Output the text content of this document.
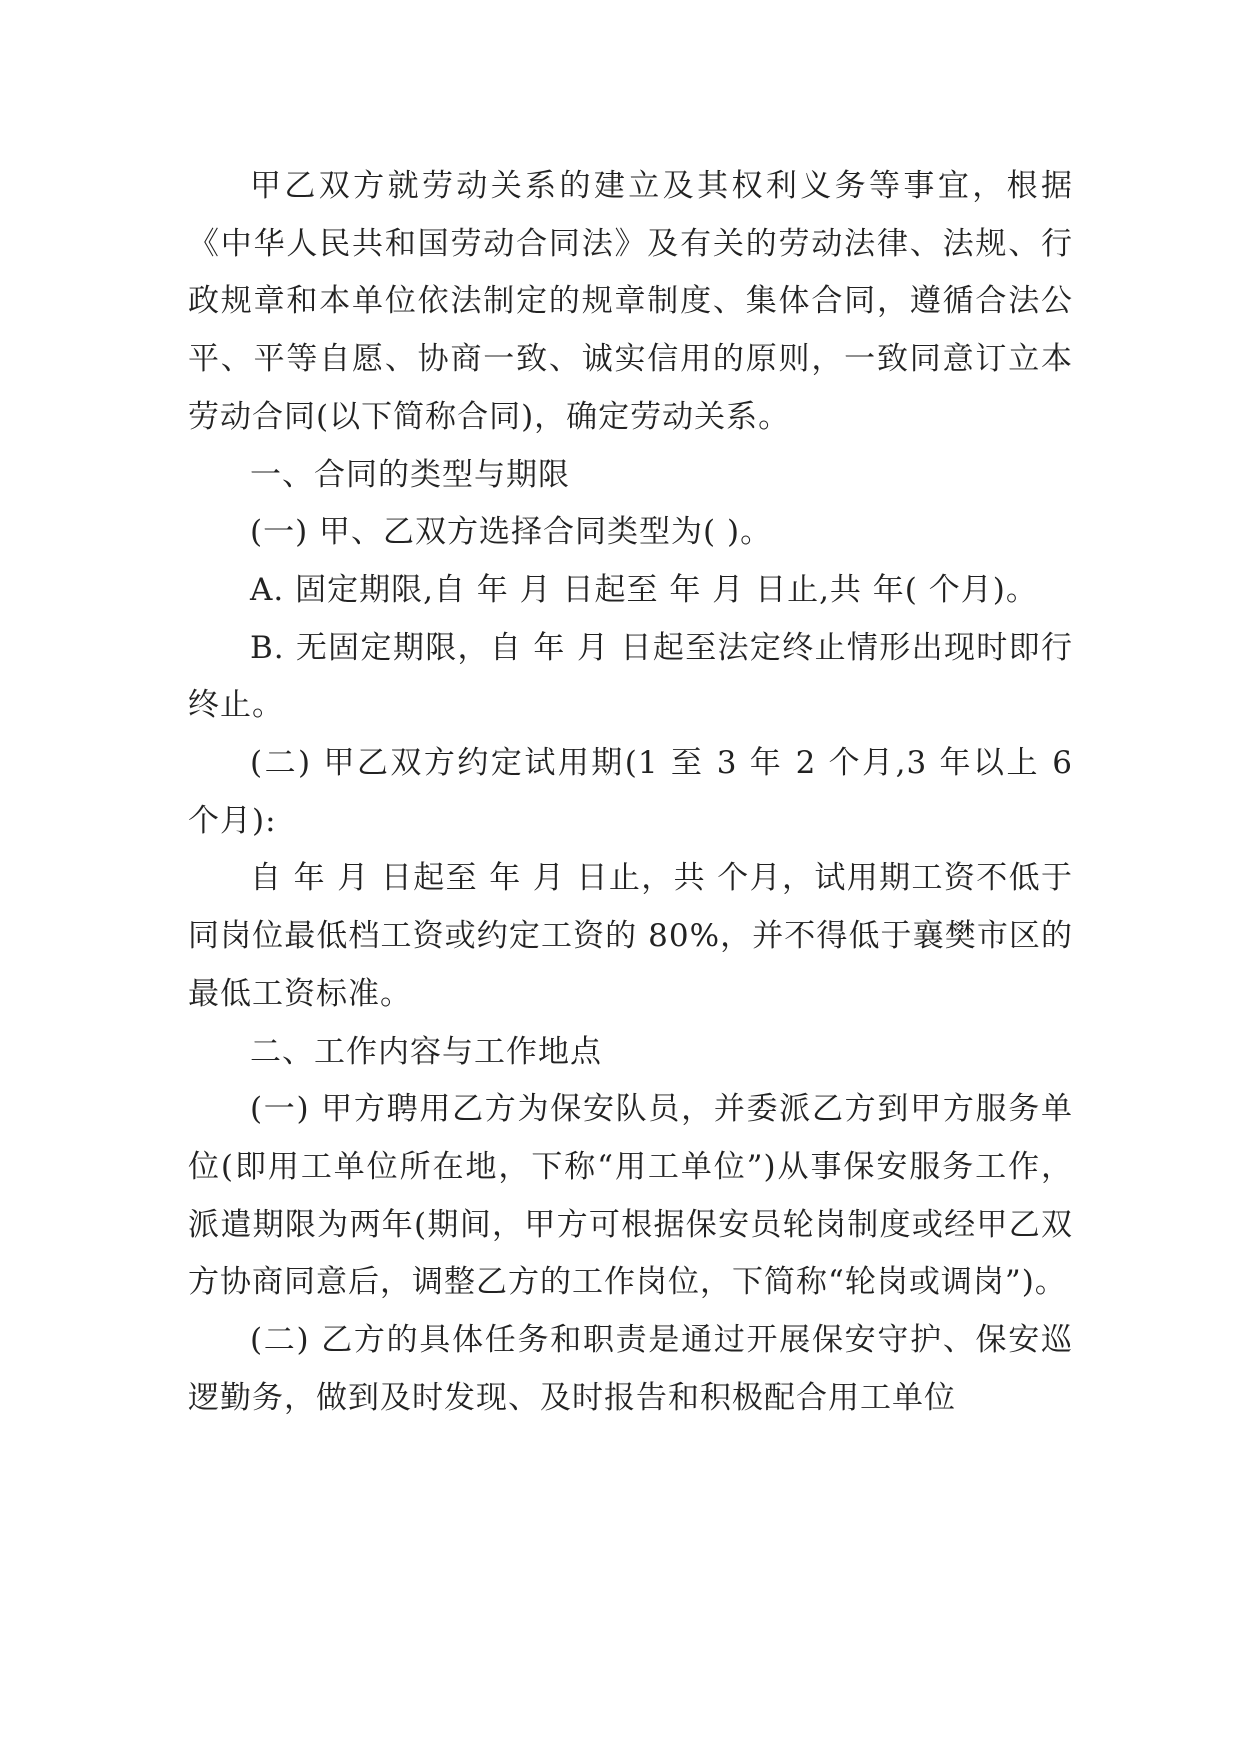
甲乙双方就劳动关系的建立及其权利义务等事宜，根据《中华人民共和国劳动合同法》及有关的劳动法律、法规、行政规章和本单位依法制定的规章制度、集体合同，遵循合法公平、平等自愿、协商一致、诚实信用的原则，一致同意订立本劳动合同(以下简称合同)，确定劳动关系。

一、合同的类型与期限

(一) 甲、乙双方选择合同类型为( )。

A. 固定期限,自 年 月 日起至 年 月 日止,共 年( 个月)。

B. 无固定期限，自 年 月 日起至法定终止情形出现时即行终止。

(二) 甲乙双方约定试用期(1 至 3 年 2 个月,3 年以上 6 个月):

自 年 月 日起至 年 月 日止，共 个月，试用期工资不低于同岗位最低档工资或约定工资的 80%，并不得低于襄樊市区的最低工资标准。

二、工作内容与工作地点

(一) 甲方聘用乙方为保安队员，并委派乙方到甲方服务单位(即用工单位所在地，下称“用工单位”)从事保安服务工作，派遣期限为两年(期间，甲方可根据保安员轮岗制度或经甲乙双方协商同意后，调整乙方的工作岗位，下简称“轮岗或调岗”)。

(二) 乙方的具体任务和职责是通过开展保安守护、保安巡逻勤务，做到及时发现、及时报告和积极配合用工单位
